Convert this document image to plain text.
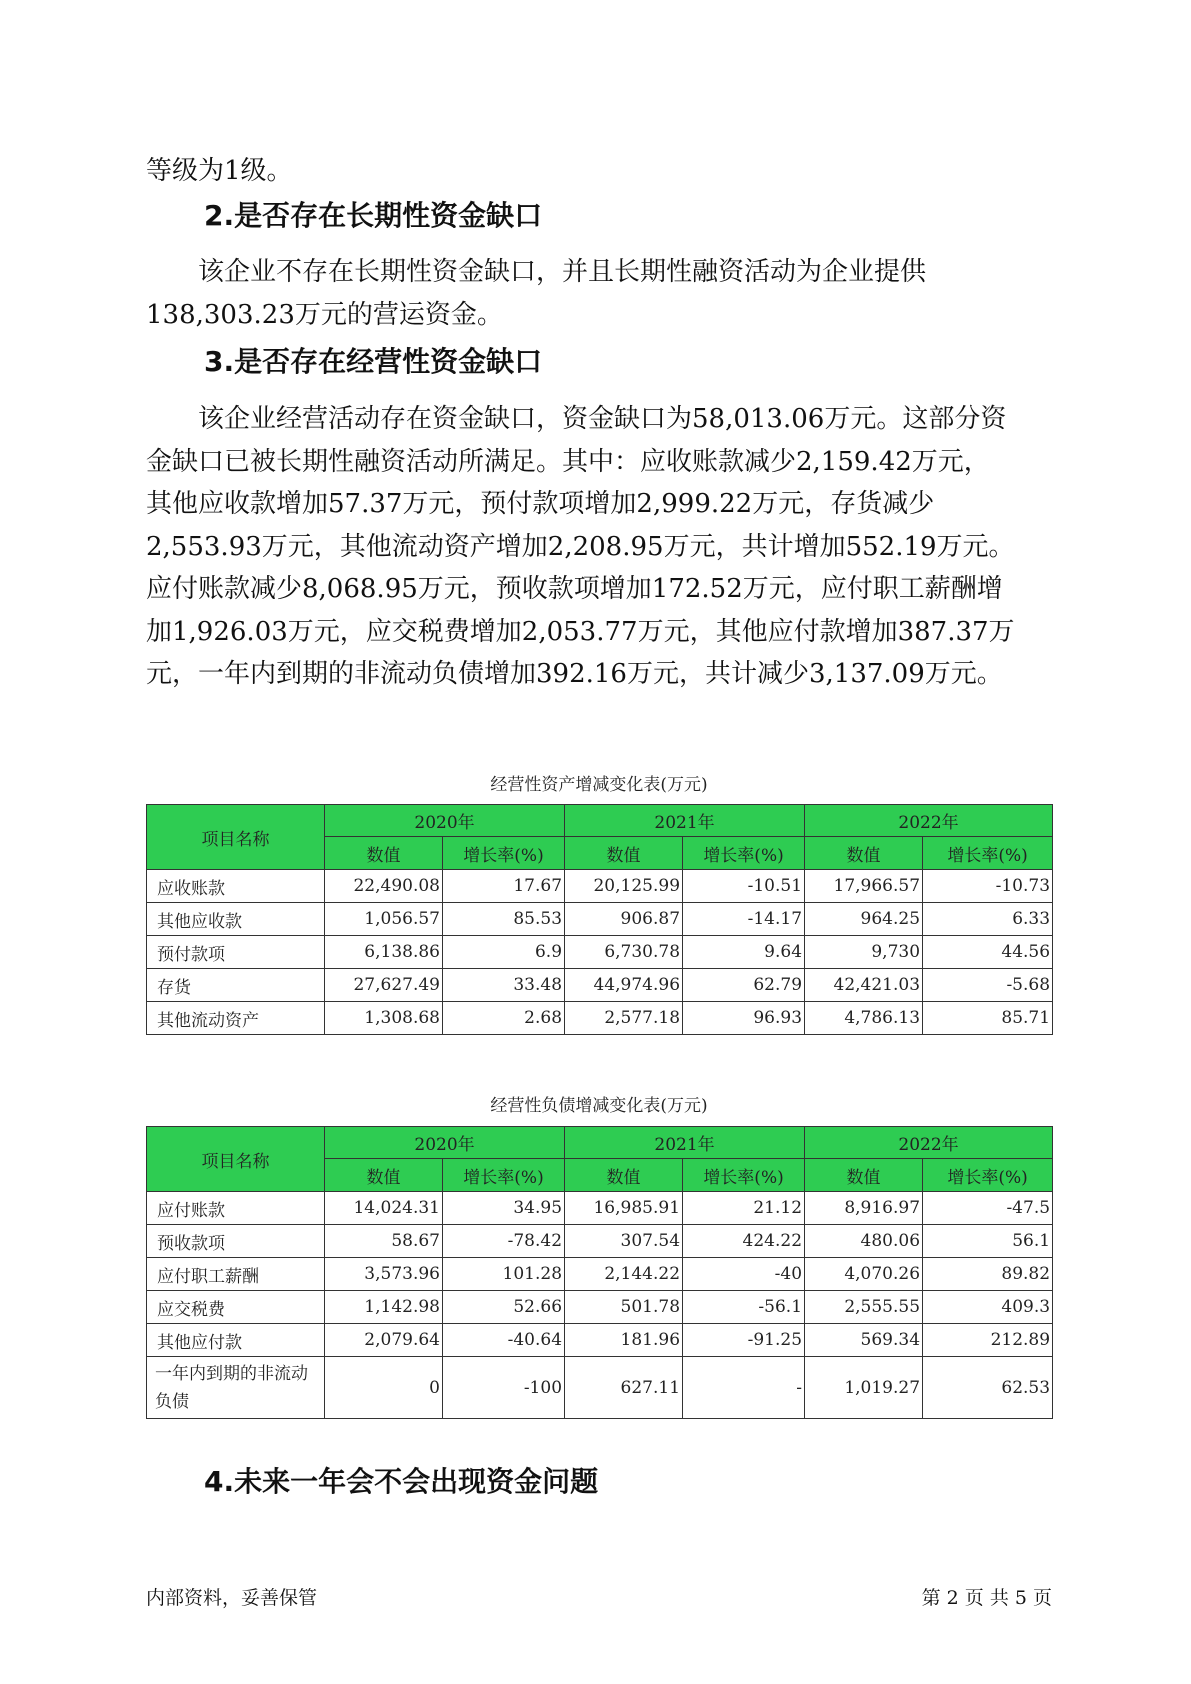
等级为1级。

2.是否存在长期性资金缺口

　　该企业不存在长期性资金缺口，并且长期性融资活动为企业提供
138,303.23万元的营运资金。

3.是否存在经营性资金缺口

　　该企业经营活动存在资金缺口，资金缺口为58,013.06万元。这部分资
金缺口已被长期性融资活动所满足。其中：应收账款减少2,159.42万元，
其他应收款增加57.37万元，预付款项增加2,999.22万元，存货减少
2,553.93万元，其他流动资产增加2,208.95万元，共计增加552.19万元。
应付账款减少8,068.95万元，预收款项增加172.52万元，应付职工薪酬增
加1,926.03万元，应交税费增加2,053.77万元，其他应付款增加387.37万
元，一年内到期的非流动负债增加392.16万元，共计减少3,137.09万元。

经营性资产增减变化表(万元)
项目名称	2020年		2021年		2022年	
	数值	增长率(%)	数值	增长率(%)	数值	增长率(%)
应收账款	22,490.08	17.67	20,125.99	-10.51	17,966.57	-10.73
其他应收款	1,056.57	85.53	906.87	-14.17	964.25	6.33
预付款项	6,138.86	6.9	6,730.78	9.64	9,730	44.56
存货	27,627.49	33.48	44,974.96	62.79	42,421.03	-5.68
其他流动资产	1,308.68	2.68	2,577.18	96.93	4,786.13	85.71
经营性负债增减变化表(万元)
项目名称	2020年		2021年		2022年	
	数值	增长率(%)	数值	增长率(%)	数值	增长率(%)
应付账款	14,024.31	34.95	16,985.91	21.12	8,916.97	-47.5
预收款项	58.67	-78.42	307.54	424.22	480.06	56.1
应付职工薪酬	3,573.96	101.28	2,144.22	-40	4,070.26	89.82
应交税费	1,142.98	52.66	501.78	-56.1	2,555.55	409.3
其他应付款	2,079.64	-40.64	181.96	-91.25	569.34	212.89
一年内到期的非流动负债	0	-100	627.11	-	1,019.27	62.53
4.未来一年会不会出现资金问题
内部资料，妥善保管	第 2 页 共 5 页
